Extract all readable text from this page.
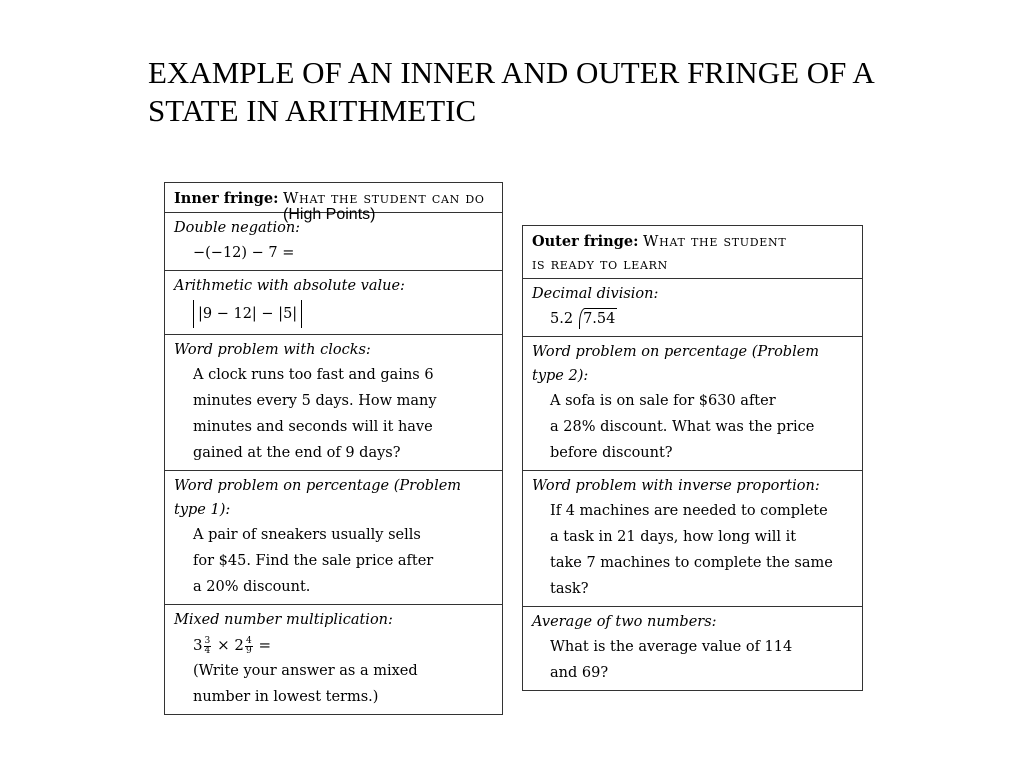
EXAMPLE OF AN INNER AND OUTER FRINGE OF A STATE IN ARITHMETIC
Inner fringe: What the student can do
(High Points)
Double negation:
−(−12) − 7 =
Arithmetic with absolute value:
|9 − 12| − |5|
Word problem with clocks:
A clock runs too fast and gains 6
minutes every 5 days. How many
minutes and seconds will it have
gained at the end of 9 days?
Word problem on percentage (Problem
type 1):
A pair of sneakers usually sells
for $45. Find the sale price after
a 20% discount.
Mixed number multiplication:
$3 \frac{3}{4} \times 2 \frac{4}{9}$ =
(Write your answer as a mixed
number in lowest terms.)
Outer fringe: What the student
is ready to learn
Decimal division:
5.2 7.54
Word problem on percentage (Problem
type 2):
A sofa is on sale for $630 after
a 28% discount. What was the price
before discount?
Word problem with inverse proportion:
If 4 machines are needed to complete
a task in 21 days, how long will it
take 7 machines to complete the same
task?
Average of two numbers:
What is the average value of 114
and 69?
